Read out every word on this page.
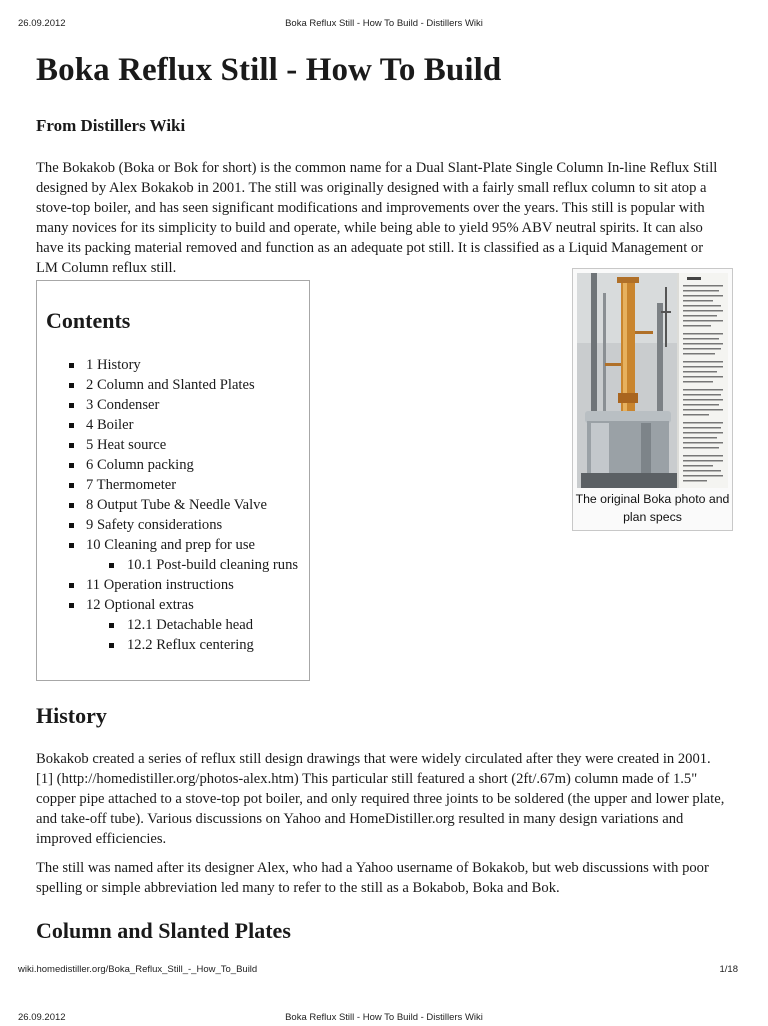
26.09.2012	Boka Reflux Still - How To Build - Distillers Wiki
Boka Reflux Still - How To Build

From Distillers Wiki

The Bokakob (Boka or Bok for short) is the common name for a Dual Slant-Plate Single Column In-line Reflux Still designed by Alex Bokakob in 2001. The still was originally designed with a fairly small reflux column to sit atop a stove-top boiler, and has seen significant modifications and improvements over the years. This still is popular with many novices for its simplicity to build and operate, while being able to yield 95% ABV neutral spirits. It can also have its packing material removed and function as an adequate pot still. It is classified as a Liquid Management or LM Column reflux still.

Contents
1 History
2 Column and Slanted Plates
3 Condenser
4 Boiler
5 Heat source
6 Column packing
7 Thermometer
8 Output Tube & Needle Valve
9 Safety considerations
10 Cleaning and prep for use
10.1 Post-build cleaning runs
11 Operation instructions
12 Optional extras
12.1 Detachable head
12.2 Reflux centering

The original Boka photo and plan specs

History

Bokakob created a series of reflux still design drawings that were widely circulated after they were created in 2001.[1] (http://homedistiller.org/photos-alex.htm) This particular still featured a short (2ft/.67m) column made of 1.5" copper pipe attached to a stove-top pot boiler, and only required three joints to be soldered (the upper and lower plate, and take-off tube). Various discussions on Yahoo and HomeDistiller.org resulted in many design variations and improved efficiencies.

The still was named after its designer Alex, who had a Yahoo username of Bokakob, but web discussions with poor spelling or simple abbreviation led many to refer to the still as a Bokabob, Boka and Bok.

Column and Slanted Plates
wiki.homedistiller.org/Boka_Reflux_Still_-_How_To_Build	1/18
26.09.2012	Boka Reflux Still - How To Build - Distillers Wiki
